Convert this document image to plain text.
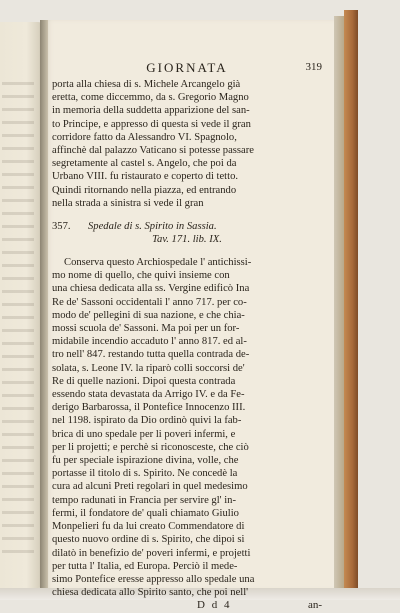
GIORNATA	319
porta alla chiesa di s. Michele Arcangelo già
eretta, come diccemmo, da s. Gregorio Magno
in memoria della suddetta apparizione del san-
to Principe, e appresso di questa si vede il gran
corridore fatto da Alessandro VI. Spagnolo,
affinchè dal palazzo Vaticano si potesse passare
segretamente al castel s. Angelo, che poi da
Urbano VIII. fu ristaurato e coperto di tetto.
Quindi ritornando nella piazza, ed entrando
nella strada a sinistra si vede il gran
357.	Spedale di s. Spirito in Sassia.
Tav. 171. lib. IX.
Conserva questo Archiospedale l' antichissi-
mo nome di quello, che quivi insieme con
una chiesa dedicata alla ss. Vergine edificò Ina
Re de' Sassoni occidentali l' anno 717. per co-
modo de' pellegini di sua nazione, e che chia-
mossi scuola de' Sassoni. Ma poi per un for-
midabile incendio accaduto l' anno 817. ed al-
tro nell' 847. restando tutta quella contrada de-
solata, s. Leone IV. la riparò colli soccorsi de'
Re di quelle nazioni. Dipoi questa contrada
essendo stata devastata da Arrigo IV. e da Fe-
derigo Barbarossa, il Pontefice Innocenzo III.
nel 1198. ispirato da Dio ordinò quivi la fab-
brica di uno spedale per li poveri infermi, e
per li projetti; e perchè si riconosceste, che ciò
fu per speciale ispirazione divina, volle, che
portasse il titolo di s. Spirito. Ne concedè la
cura ad alcuni Preti regolari in quel medesimo
tempo radunati in Francia per servire gl' in-
fermi, il fondatore de' quali chiamato Giulio
Monpelieri fu da lui creato Commendatore di
questo nuovo ordine di s. Spirito, che dipoi si
dilatò in benefizio de' poveri infermi, e projetti
per tutta l' Italia, ed Europa. Perciò il mede-
simo Pontefice eresse appresso allo spedale una
chiesa dedicata allo Spirito santo, che poi nell'
D d 4	an-
